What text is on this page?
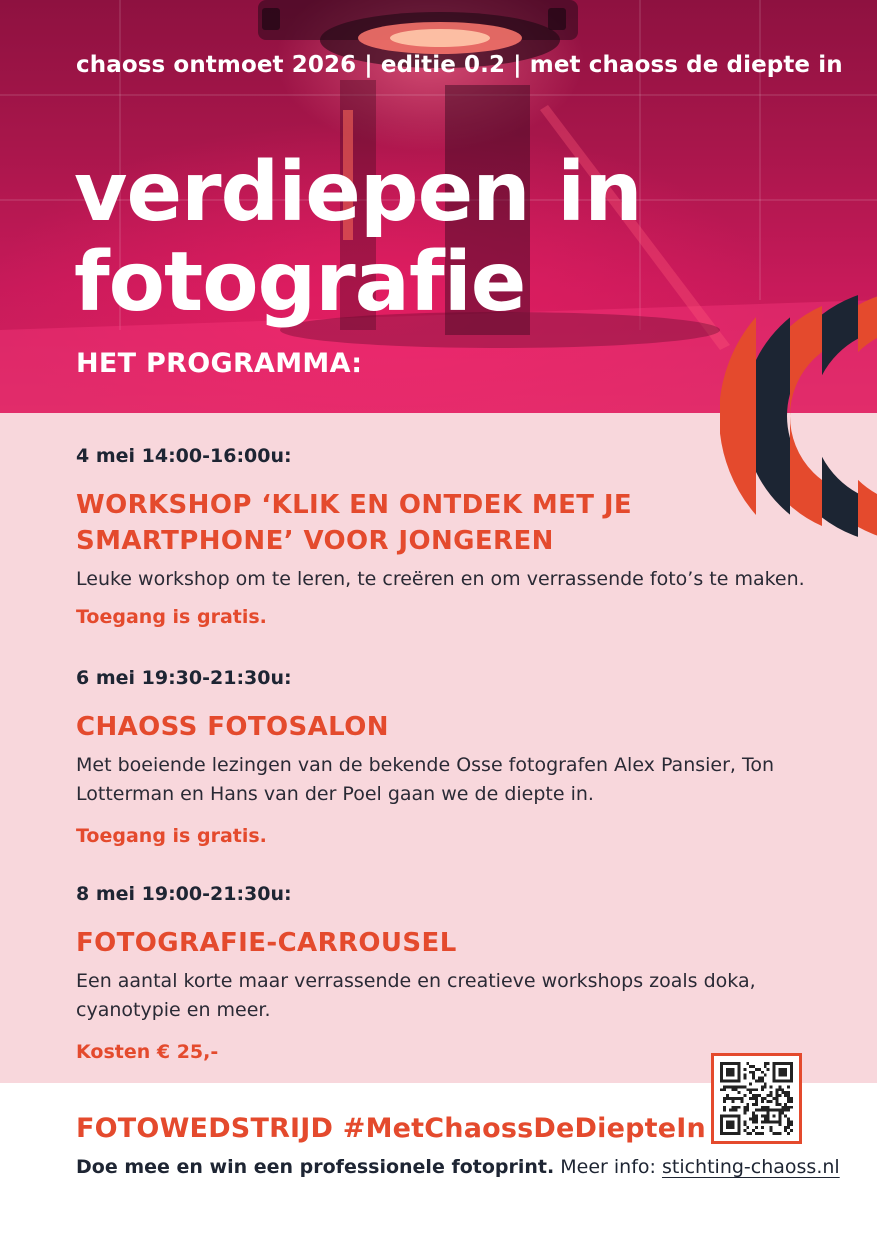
chaoss ontmoet 2026 | editie 0.2 | met chaoss de diepte in
verdiepen in
fotografie
HET PROGRAMMA:
4 mei 14:00-16:00u:
WORKSHOP ‘KLIK EN ONTDEK MET JE
SMARTPHONE’ VOOR JONGEREN
Leuke workshop om te leren, te creëren en om verrassende foto’s te maken.
Toegang is gratis.
6 mei 19:30-21:30u:
CHAOSS FOTOSALON
Met boeiende lezingen van de bekende Osse fotografen Alex Pansier, Ton
Lotterman en Hans van der Poel gaan we de diepte in.
Toegang is gratis.
8 mei 19:00-21:30u:
FOTOGRAFIE-CARROUSEL
Een aantal korte maar verrassende en creatieve workshops zoals doka,
cyanotypie en meer.
Kosten € 25,-
FOTOWEDSTRIJD #MetChaossDeDiepteIn
Doe mee en win een professionele fotoprint. Meer info: stichting-chaoss.nl
